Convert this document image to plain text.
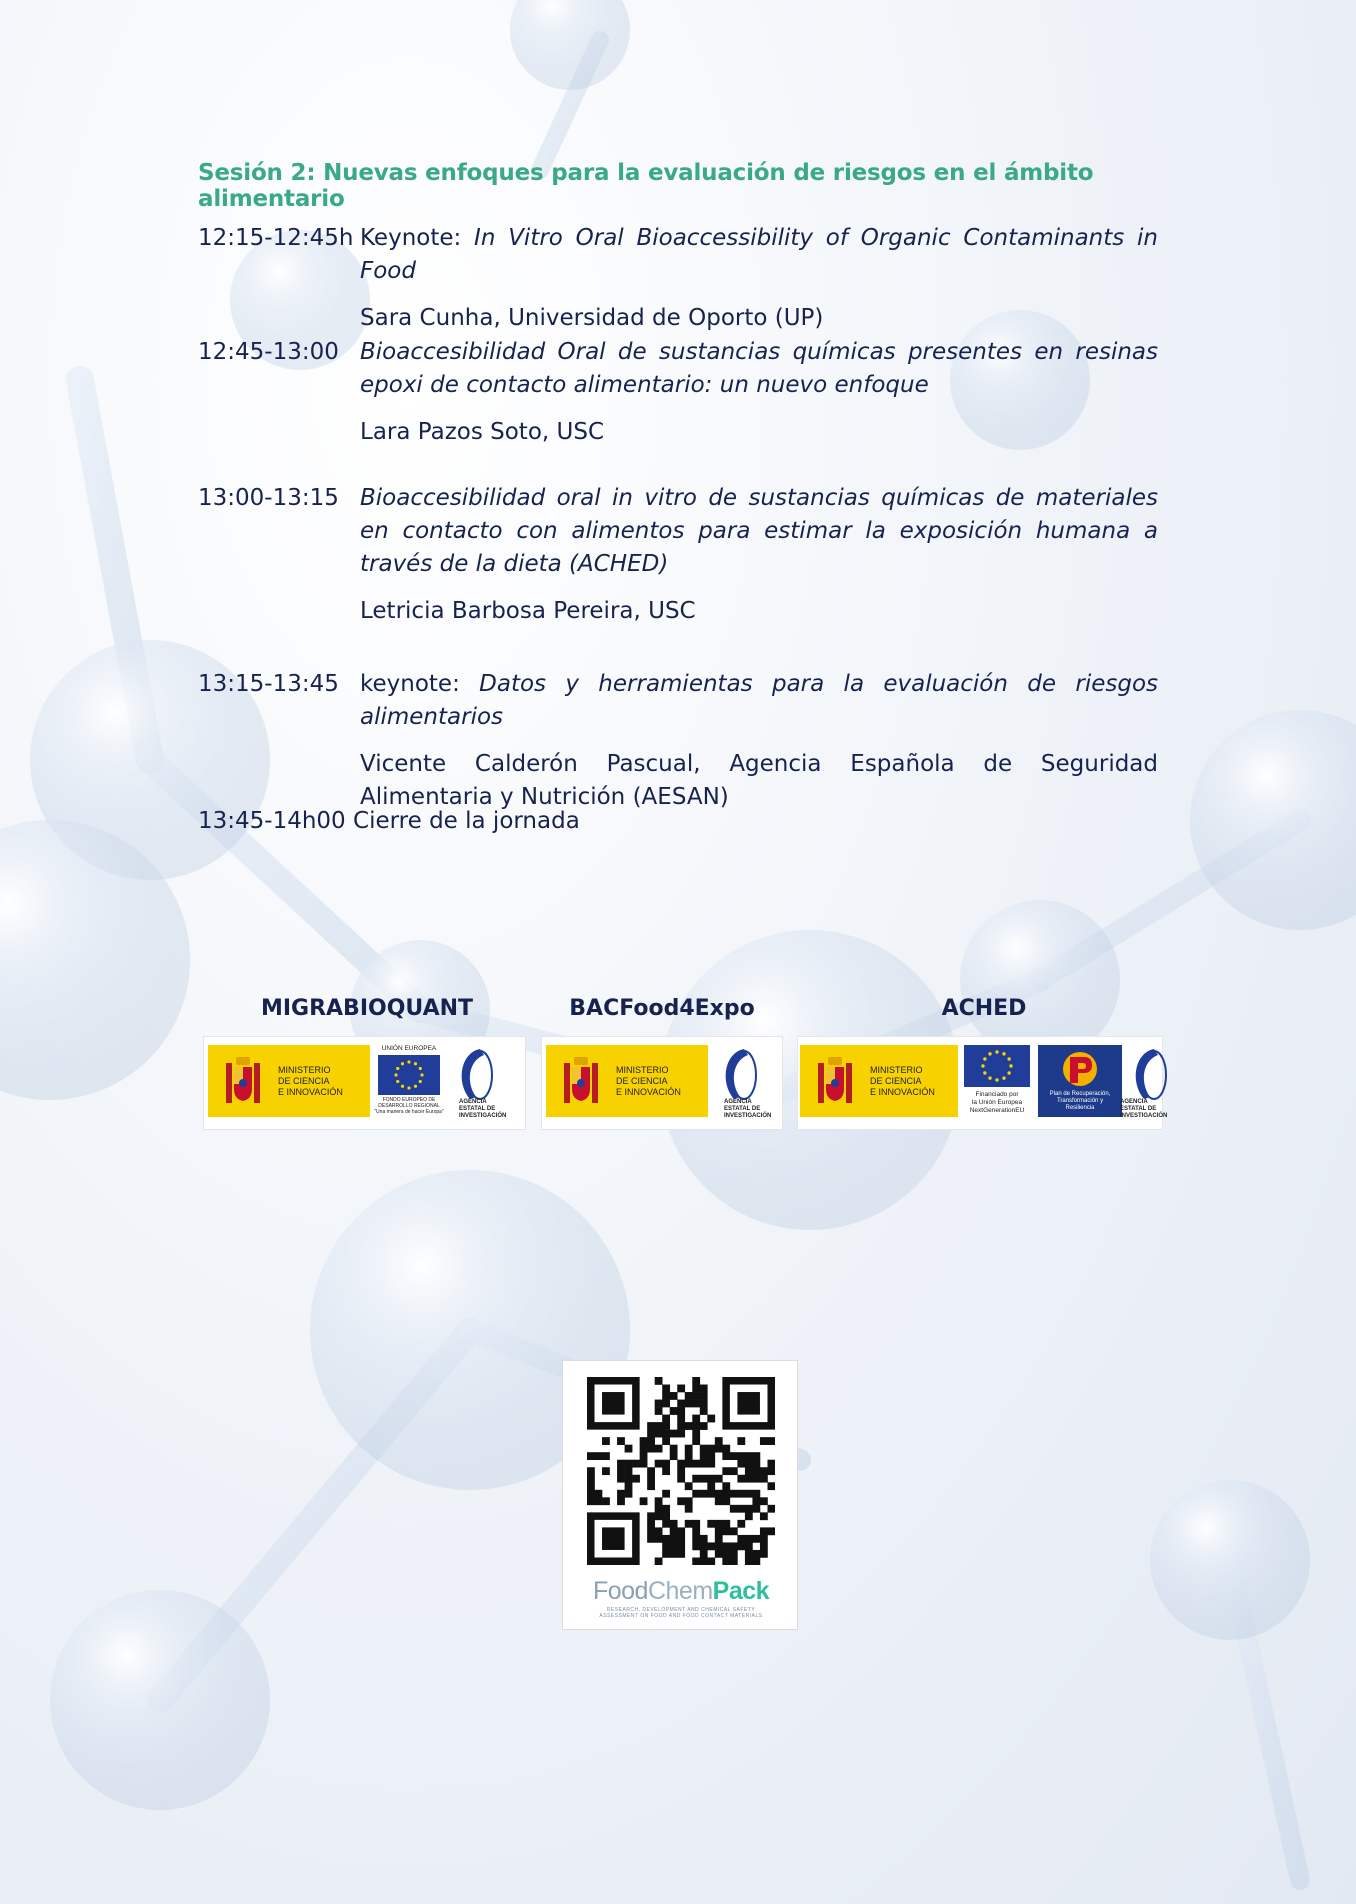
Sesión 2: Nuevas enfoques para la evaluación de riesgos en el ámbito alimentario
12:15-12:45h Keynote: In Vitro Oral Bioaccessibility of Organic Contaminants in Food
Sara Cunha, Universidad de Oporto (UP)
12:45-13:00 Bioaccesibilidad Oral de sustancias químicas presentes en resinas epoxi de contacto alimentario: un nuevo enfoque
Lara Pazos Soto, USC
13:00-13:15 Bioaccesibilidad oral in vitro de sustancias químicas de materiales en contacto con alimentos para estimar la exposición humana a través de la dieta (ACHED)
Letricia Barbosa Pereira, USC
13:15-13:45 keynote: Datos y herramientas para la evaluación de riesgos alimentarios
Vicente Calderón Pascual, Agencia Española de Seguridad Alimentaria y Nutrición (AESAN)
13:45-14h00 Cierre de la jornada
MIGRABIOQUANT	BACFood4Expo	ACHED
MINISTERIO
DE CIENCIA
E INNOVACIÓN
UNIÓN EUROPEA
FONDO EUROPEO DE
DESARROLLO REGIONAL
"Una manera de hacer Europa"
AGENCIA
ESTATAL DE
INVESTIGACIÓN
MINISTERIO
DE CIENCIA
E INNOVACIÓN
AGENCIA
ESTATAL DE
INVESTIGACIÓN
MINISTERIO
DE CIENCIA
E INNOVACIÓN	Financiado por
la Unión Europea
NextGenerationEU
Plan de Recuperación,
Transformación y
Resiliencia
AGENCIA
ESTATAL DE
INVESTIGACIÓN
FoodChemPack
RESEARCH, DEVELOPMENT AND CHEMICAL SAFETY
ASSESSMENT ON FOOD AND FOOD CONTACT MATERIALS
